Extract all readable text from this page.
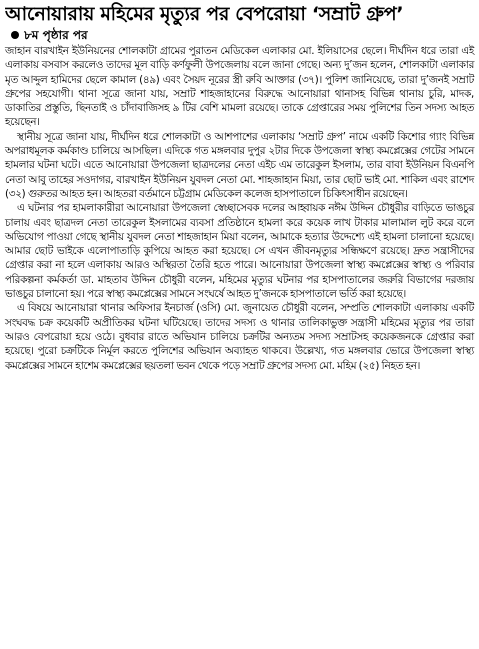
আনোয়ারায় মহিমের মৃত্যুর পর বেপরোয়া ‘সম্রাট গ্রুপ’
৮ম পৃষ্ঠার পর

জাহান বারখাইন ইউনিয়নের শোলকাটা গ্রামের পুরাতন মেডিকেল এলাকার মো. ইলিয়াসের ছেলে। দীর্ঘদিন ধরে তারা এই এলাকায় বসবাস করলেও তাদের মূল বাড়ি কর্ণফুলী উপজেলায় বলে জানা গেছে। অন্য দু’জন হলেন, শোলকাটা এলাকার মৃত আব্দুল হামিদের ছেলে কামাল (৪৯) এবং সৈয়দ নূরের স্ত্রী রুবি আক্তার (৩৭)। পুলিশ জানিয়েছে, তারা দু’জনই সম্রাট গ্রুপের সহযোগী। থানা সূত্রে জানা যায়, সম্রাট শাহজাহানের বিরুদ্ধে আনোয়ারা থানাসহ বিভিন্ন থানায় চুরি, মাদক, ডাকাতির প্রস্তুতি, ছিনতাই ও চাঁদাবাজিসহ ৯ টির বেশি মামলা রয়েছে। তাকে গ্রেপ্তারের সময় পুলিশের তিন সদস্য আহত হয়েছেন।

স্থানীয় সূত্রে জানা যায়, দীর্ঘদিন ধরে শোলকাটা ও আশপাশের এলাকায় ‘সম্রাট গ্রুপ’ নামে একটি কিশোর গ্যাং বিভিন্ন অপরাধমূলক কর্মকাণ্ড চালিয়ে আসছিল। এদিকে গত মঙ্গলবার দুপুর ২টার দিকে উপজেলা স্বাস্থ্য কমপ্লেক্সের গেটের সামনে হামলার ঘটনা ঘটে। এতে আনোয়ারা উপজেলা ছাত্রদলের নেতা এইচ এম তারেকুল ইসলাম, তার বাবা ইউনিয়ন বিএনপি নেতা আবু তাহের সওদাগর, বারখাইন ইউনিয়ন যুবদল নেতা মো. শাহজাহান মিয়া, তার ছোট ভাই মো. শাকিল এবং রাশেদ (৩২) গুরুতর আহত হন। আহতরা বর্তমানে চট্টগ্রাম মেডিকেল কলেজ হাসপাতালে চিকিৎসাধীন রয়েছেন।

এ ঘটনার পর হামলাকারীরা আনোয়ারা উপজেলা স্বেচ্ছাসেবক দলের আহ্বায়ক নঈম উদ্দিন চৌধুরীর বাড়িতে ভাঙচুর চালায় এবং ছাত্রদল নেতা তারেকুল ইসলামের ব্যবসা প্রতিষ্ঠানে হামলা করে কয়েক লাখ টাকার মালামাল লুট করে বলে অভিযোগ পাওয়া গেছে স্থানীয় যুবদল নেতা শাহজাহান মিয়া বলেন, আমাকে হত্যার উদ্দেশ্যে এই হামলা চালানো হয়েছে। আমার ছোট ভাইকে এলোপাতাড়ি কুপিয়ে আহত করা হয়েছে। সে এখন জীবনমৃত্যুর সন্ধিক্ষণে রয়েছে। দ্রুত সন্ত্রাসীদের গ্রেপ্তার করা না হলে এলাকায় আরও অস্থিরতা তৈরি হতে পারে। আনোয়ারা উপজেলা স্বাস্থ্য কমপ্লেক্সের স্বাস্থ্য ও পরিবার পরিকল্পনা কর্মকর্তা ডা. মাহতাব উদ্দিন চৌধুরী বলেন, মহিমের মৃত্যুর ঘটনার পর হাসপাতালের জরুরি বিভাগের দরজায় ভাঙচুর চালানো হয়। পরে স্বাস্থ্য কমপ্লেক্সের সামনে সংঘর্ষে আহত দু’জনকে হাসপাতালে ভর্তি করা হয়েছে।

এ বিষয়ে আনোয়ারা থানার অফিসার ইনচার্জ (ওসি) মো. জুনায়েত চৌধুরী বলেন, সম্প্রতি শোলকাটা এলাকায় একটি সংঘবদ্ধ চক্র কয়েকটি অপ্রীতিকর ঘটনা ঘটিয়েছে। তাদের সদস্য ও থানার তালিকাভুক্ত সন্ত্রাসী মহিমের মৃত্যুর পর তারা আরও বেপরোয়া হয়ে ওঠে। বুধবার রাতে অভিযান চালিয়ে চক্রটির অন্যতম সদস্য সম্রাটসহ কয়েকজনকে গ্রেপ্তার করা হয়েছে। পুরো চক্রটিকে নির্মূল করতে পুলিশের অভিযান অব্যাহত থাকবে। উল্লেখ্য, গত মঙ্গলবার ভোরে উপজেলা স্বাস্থ্য কমপ্লেক্সের সামনে হাশেম কমপ্লেক্সের ছয়তলা ভবন থেকে পড়ে সম্রাট গ্রুপের সদস্য মো. মহিম (২৫) নিহত হন।
